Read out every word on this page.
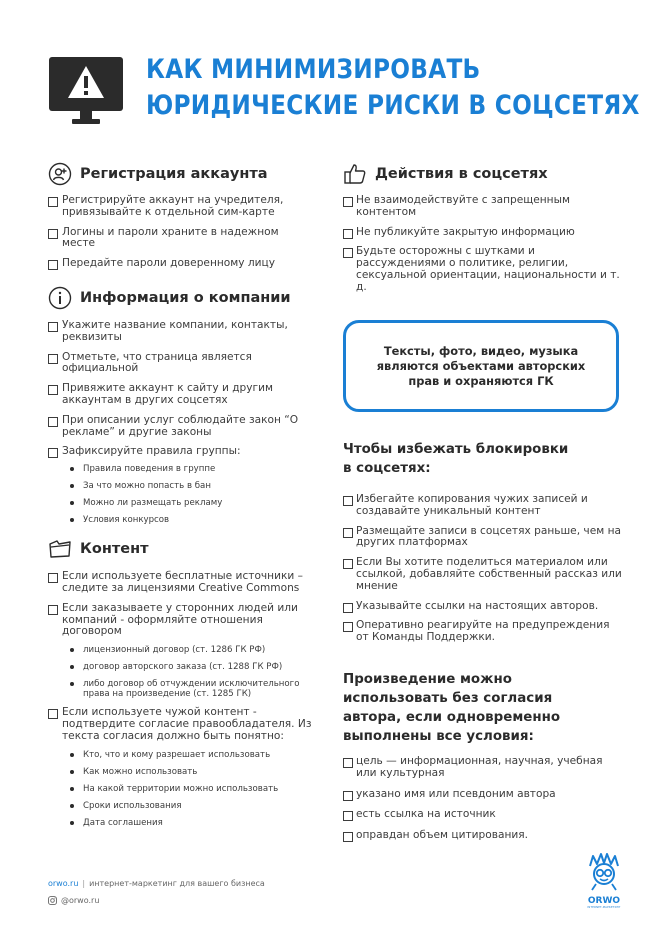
КАК МИНИМИЗИРОВАТЬ
ЮРИДИЧЕСКИЕ РИСКИ В СОЦСЕТЯХ
Регистрация аккаунта
Регистрируйте аккаунт на учредителя, привязывайте к отдельной сим-карте
Логины и пароли храните в надежном месте
Передайте пароли доверенному лицу
Информация о компании
Укажите название компании, контакты, реквизиты
Отметьте, что страница является официальной
Привяжите аккаунт к сайту и другим аккаунтам в других соцсетях
При описании услуг соблюдайте закон “О рекламе” и другие законы
Зафиксируйте правила группы:
Правила поведения в группе
За что можно попасть в бан
Можно ли размещать рекламу
Условия конкурсов
Контент
Если используете бесплатные источники – следите за лицензиями Creative Commons
Если заказываете у сторонних людей или компаний - оформляйте отношения договором
лицензионный договор (ст. 1286 ГК РФ)
договор авторского заказа (ст. 1288 ГК РФ)
либо договор об отчуждении исключительного права на произведение (ст. 1285 ГК)
Если используете чужой контент - подтвердите согласие правообладателя. Из текста согласия должно быть понятно:
Кто, что и кому разрешает использовать
Как можно использовать
На какой территории можно использовать
Сроки использования
Дата соглашения
Действия в соцсетях
Не взаимодействуйте с запрещенным контентом
Не публикуйте закрытую информацию
Будьте осторожны с шутками и рассуждениями о политике, религии, сексуальной ориентации, национальности и т. д.
Тексты, фото, видео, музыка являются объектами авторских прав и охраняются ГК
Чтобы избежать блокировки в соцсетях:
Избегайте копирования чужих записей и создавайте уникальный контент
Размещайте записи в соцсетях раньше, чем на других платформах
Если Вы хотите поделиться материалом или ссылкой, добавляйте собственный рассказ или мнение
Указывайте ссылки на настоящих авторов.
Оперативно реагируйте на предупреждения от Команды Поддержки.
Произведение можно использовать без согласия автора, если одновременно выполнены все условия:
цель — информационная, научная, учебная или культурная
указано имя или псевдоним автора
есть ссылка на источник
оправдан объем цитирования.
orwo.ru | интернет-маркетинг для вашего бизнеса
@orwo.ru	ORWO
INTERNET-МАРКЕТИНГ
